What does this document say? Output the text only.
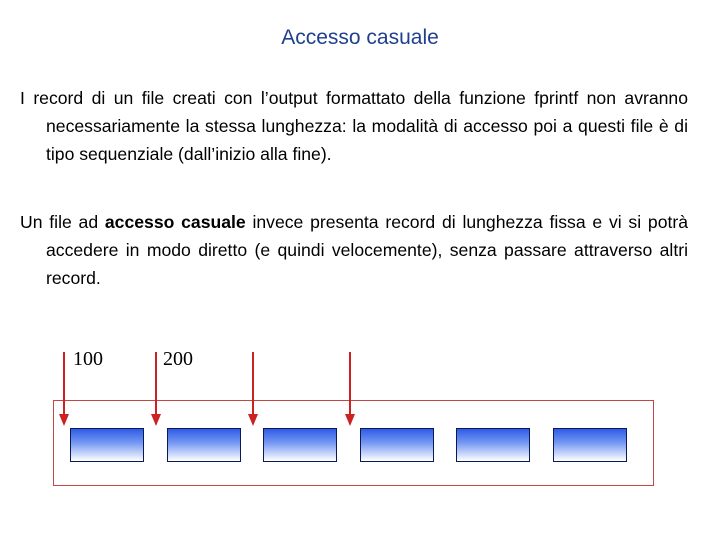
Accesso casuale
I record di un file creati con l’output formattato della funzione fprintf non avranno necessariamente la stessa lunghezza: la modalità di accesso poi a questi file è di tipo sequenziale (dall’inizio alla fine).
Un file ad accesso casuale invece presenta record di lunghezza fissa e vi si potrà accedere in modo diretto (e quindi velocemente), senza passare attraverso altri record.
100	200
